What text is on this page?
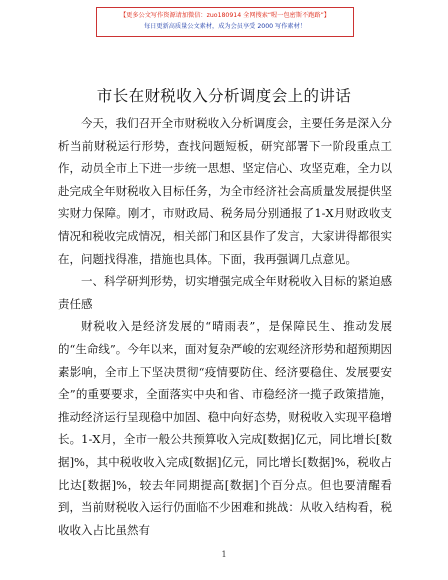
【更多公文写作资源请加微信：zuo180914 全网搜索“喔一包密斯不跑路”】
每日更新高质量公文素材，成为会员享受 2000 写作素材！
市长在财税收入分析调度会上的讲话

今天，我们召开全市财税收入分析调度会，主要任务是深入分析当前财税运行形势，查找问题短板，研究部署下一阶段重点工作，动员全市上下进一步统一思想、坚定信心、攻坚克难，全力以赴完成全年财税收入目标任务，为全市经济社会高质量发展提供坚实财力保障。刚才，市财政局、税务局分别通报了1-X月财政收支情况和税收完成情况，相关部门和区县作了发言，大家讲得都很实在，问题找得准，措施也具体。下面，我再强调几点意见。

一、科学研判形势，切实增强完成全年财税收入目标的紧迫感责任感

财税收入是经济发展的“晴雨表”，是保障民生、推动发展的“生命线”。今年以来，面对复杂严峻的宏观经济形势和超预期因素影响，全市上下坚决贯彻“疫情要防住、经济要稳住、发展要安全”的重要要求，全面落实中央和省、市稳经济一揽子政策措施，推动经济运行呈现稳中加固、稳中向好态势，财税收入实现平稳增长。1-X月，全市一般公共预算收入完成[数据]亿元，同比增长[数据]%，其中税收收入完成[数据]亿元，同比增长[数据]%，税收占比达[数据]%，较去年同期提高[数据]个百分点。但也要清醒看到，当前财税收入运行仍面临不少困难和挑战：从收入结构看，税收收入占比虽然有

1
